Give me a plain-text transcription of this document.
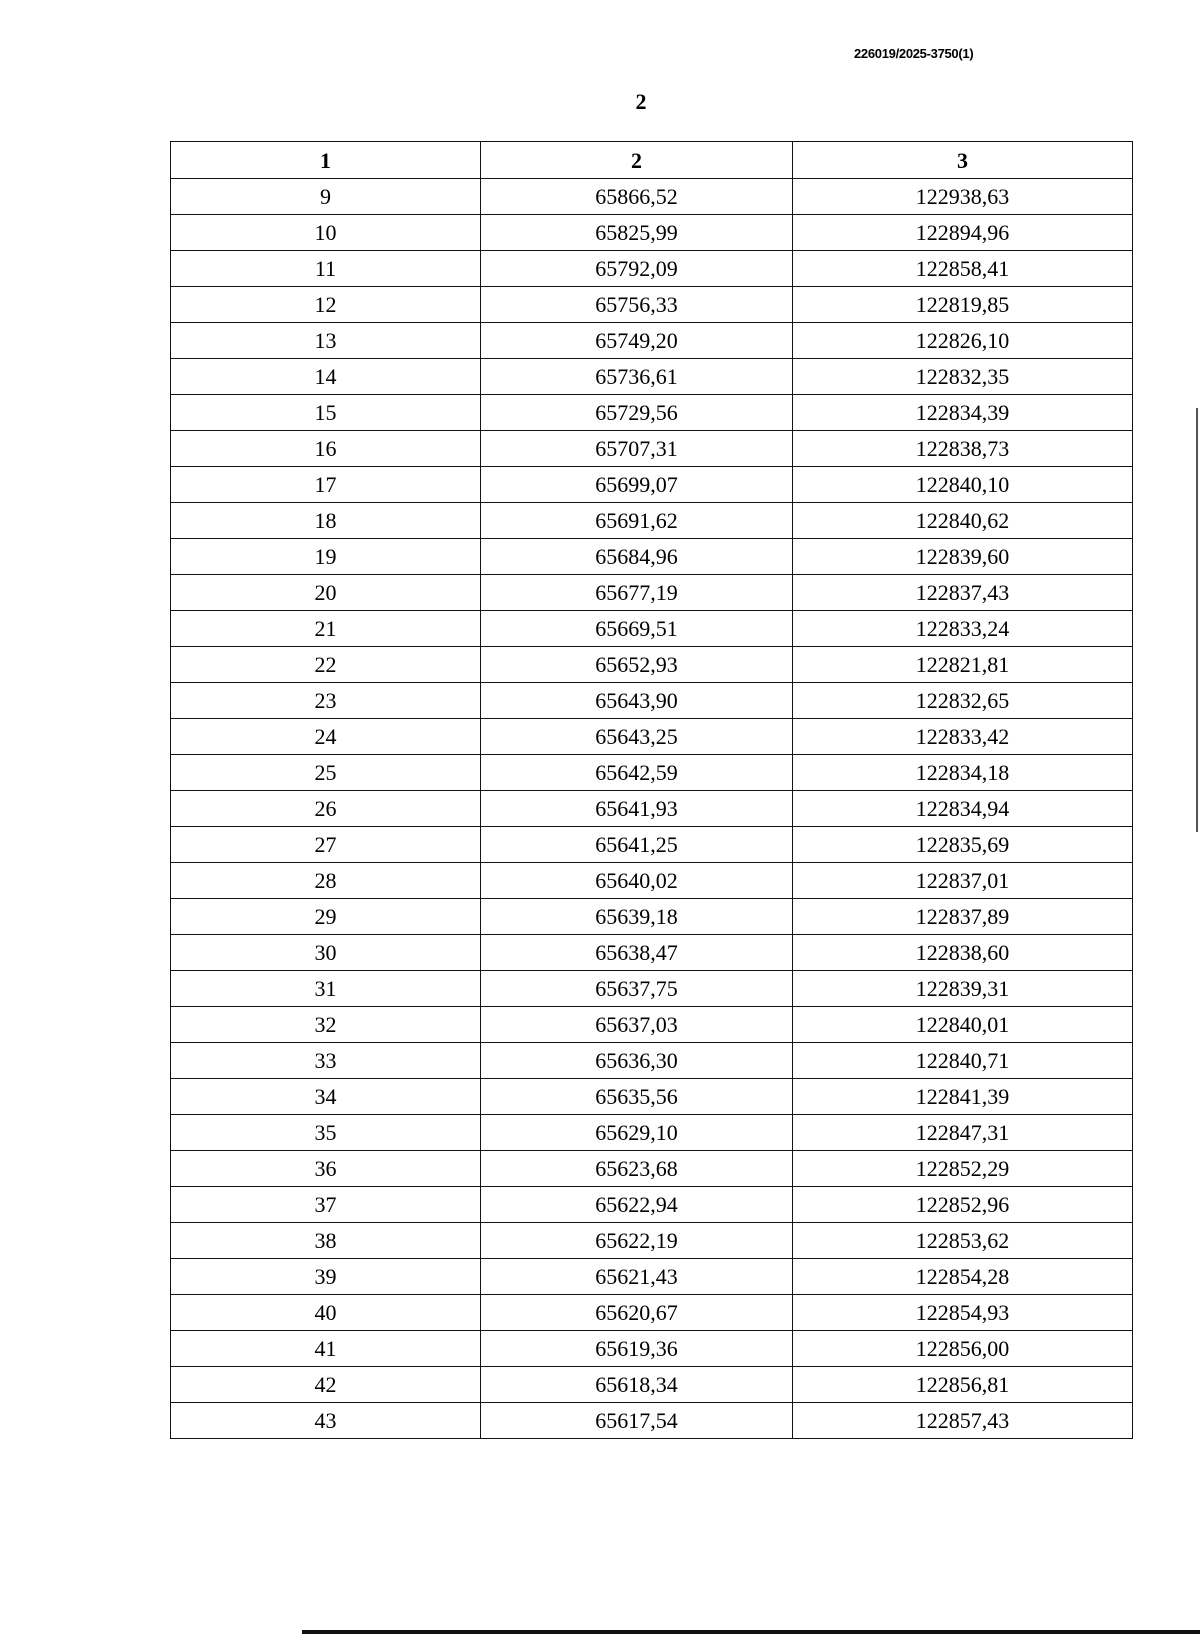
226019/2025-3750(1)
2
1	2	3
9	65866,52	122938,63
10	65825,99	122894,96
11	65792,09	122858,41
12	65756,33	122819,85
13	65749,20	122826,10
14	65736,61	122832,35
15	65729,56	122834,39
16	65707,31	122838,73
17	65699,07	122840,10
18	65691,62	122840,62
19	65684,96	122839,60
20	65677,19	122837,43
21	65669,51	122833,24
22	65652,93	122821,81
23	65643,90	122832,65
24	65643,25	122833,42
25	65642,59	122834,18
26	65641,93	122834,94
27	65641,25	122835,69
28	65640,02	122837,01
29	65639,18	122837,89
30	65638,47	122838,60
31	65637,75	122839,31
32	65637,03	122840,01
33	65636,30	122840,71
34	65635,56	122841,39
35	65629,10	122847,31
36	65623,68	122852,29
37	65622,94	122852,96
38	65622,19	122853,62
39	65621,43	122854,28
40	65620,67	122854,93
41	65619,36	122856,00
42	65618,34	122856,81
43	65617,54	122857,43
